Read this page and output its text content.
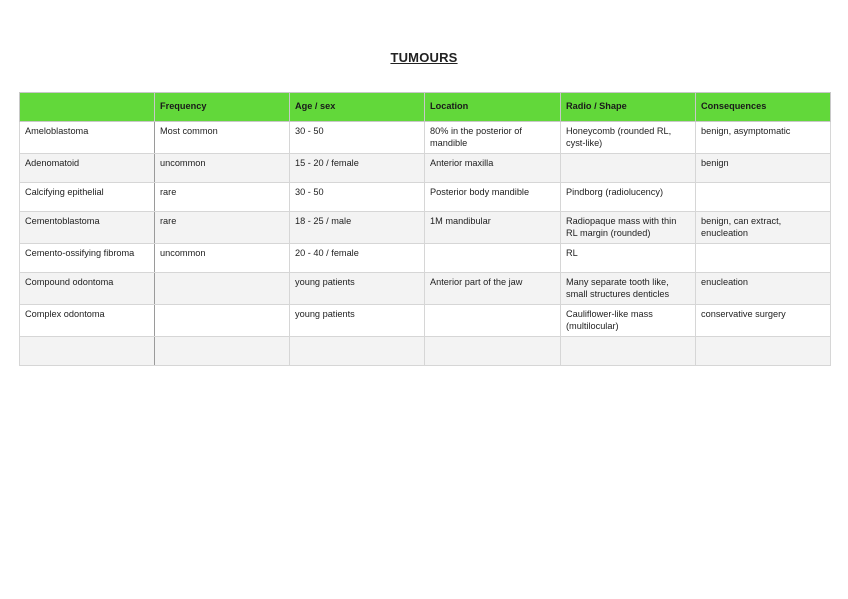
TUMOURS
	Frequency	Age / sex	Location	Radio / Shape	Consequences
Ameloblastoma	Most common	30 - 50	80% in the posterior of mandible	Honeycomb (rounded RL, cyst-like)	benign, asymptomatic
Adenomatoid	uncommon	15 - 20 / female	Anterior maxilla		benign
Calcifying epithelial	rare	30 - 50	Posterior body mandible	Pindborg (radiolucency)	
Cementoblastoma	rare	18 - 25 / male	1M mandibular	Radiopaque mass with thin RL margin (rounded)	benign, can extract, enucleation
Cemento-ossifying fibroma	uncommon	20 - 40 / female		RL	
Compound odontoma		young patients	Anterior part of the jaw	Many separate tooth like, small structures denticles	enucleation
Complex odontoma		young patients		Cauliflower-like mass (multilocular)	conservative surgery
